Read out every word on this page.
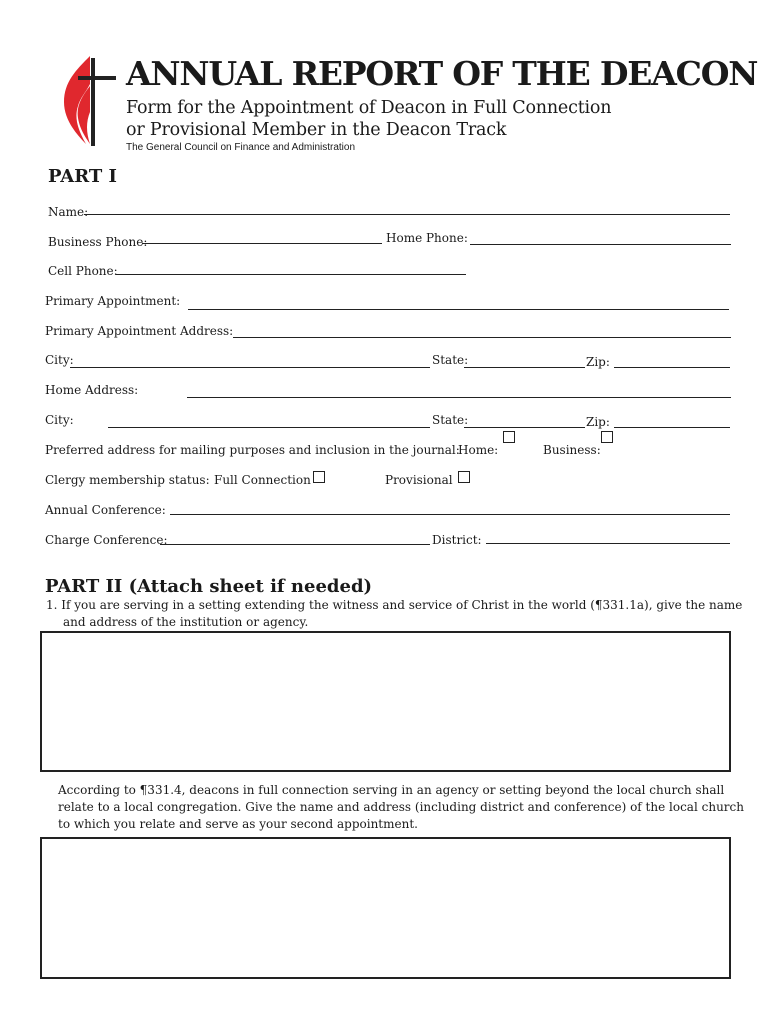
ANNUAL REPORT OF THE DEACON
Form for the Appointment of Deacon in Full Connection
or Provisional Member in the Deacon Track
The General Council on Finance and Administration
PART I
Name:
Business Phone:	Home Phone:
Cell Phone:
Primary Appointment:
Primary Appointment Address:
City:	State:	Zip:
Home Address:
City:	State:	Zip:
Preferred address for mailing purposes and inclusion in the journal:
Home:	Business:
Clergy membership status: Full Connection	Provisional
Annual Conference:
Charge Conference:	District:
PART II (Attach sheet if needed)
1. If you are serving in a setting extending the witness and service of Christ in the world (¶331.1a), give the name
and address of the institution or agency.
According to ¶331.4, deacons in full connection serving in an agency or setting beyond the local church shall
relate to a local congregation. Give the name and address (including district and conference) of the local church
to which you relate and serve as your second appointment.
